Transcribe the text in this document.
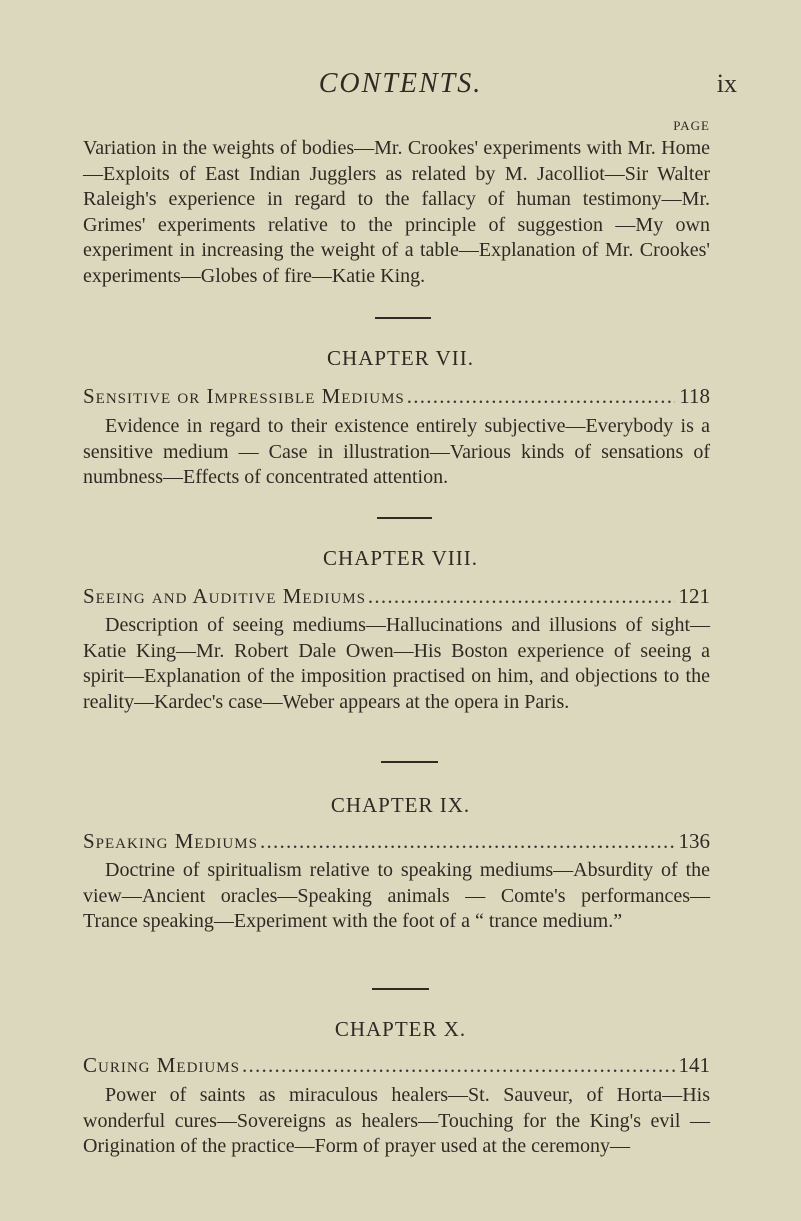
CONTENTS.	ix
PAGE

Variation in the weights of bodies—Mr. Crookes' experiments with Mr. Home—Exploits of East Indian Jugglers as related by M. Jacolliot—Sir Walter Raleigh's experience in regard to the fallacy of human testimony—Mr. Grimes' experiments relative to the principle of suggestion —My own experiment in increasing the weight of a table—Explanation of Mr. Crookes' experiments—Globes of fire—Katie King.

CHAPTER VII.
Sensitive or Impressible Mediums . . .	118

Evidence in regard to their existence entirely subjective—Everybody is a sensitive medium — Case in illustration—Various kinds of sensations of numbness—Effects of concentrated attention.

CHAPTER VIII.
Seeing and Auditive Mediums . . .	121

Description of seeing mediums—Hallucinations and illusions of sight—Katie King—Mr. Robert Dale Owen—His Boston experience of seeing a spirit—Explanation of the imposition practised on him, and objections to the reality—Kardec's case—Weber appears at the opera in Paris.

CHAPTER IX.
Speaking Mediums . . .	136

Doctrine of spiritualism relative to speaking mediums—Absurdity of the view—Ancient oracles—Speaking animals — Comte's performances—Trance speaking—Experiment with the foot of a “ trance medium.”

CHAPTER X.
Curing Mediums . . .	141

Power of saints as miraculous healers—St. Sauveur, of Horta—His wonderful cures—Sovereigns as healers—Touching for the King's evil —Origination of the practice—Form of prayer used at the ceremony—
